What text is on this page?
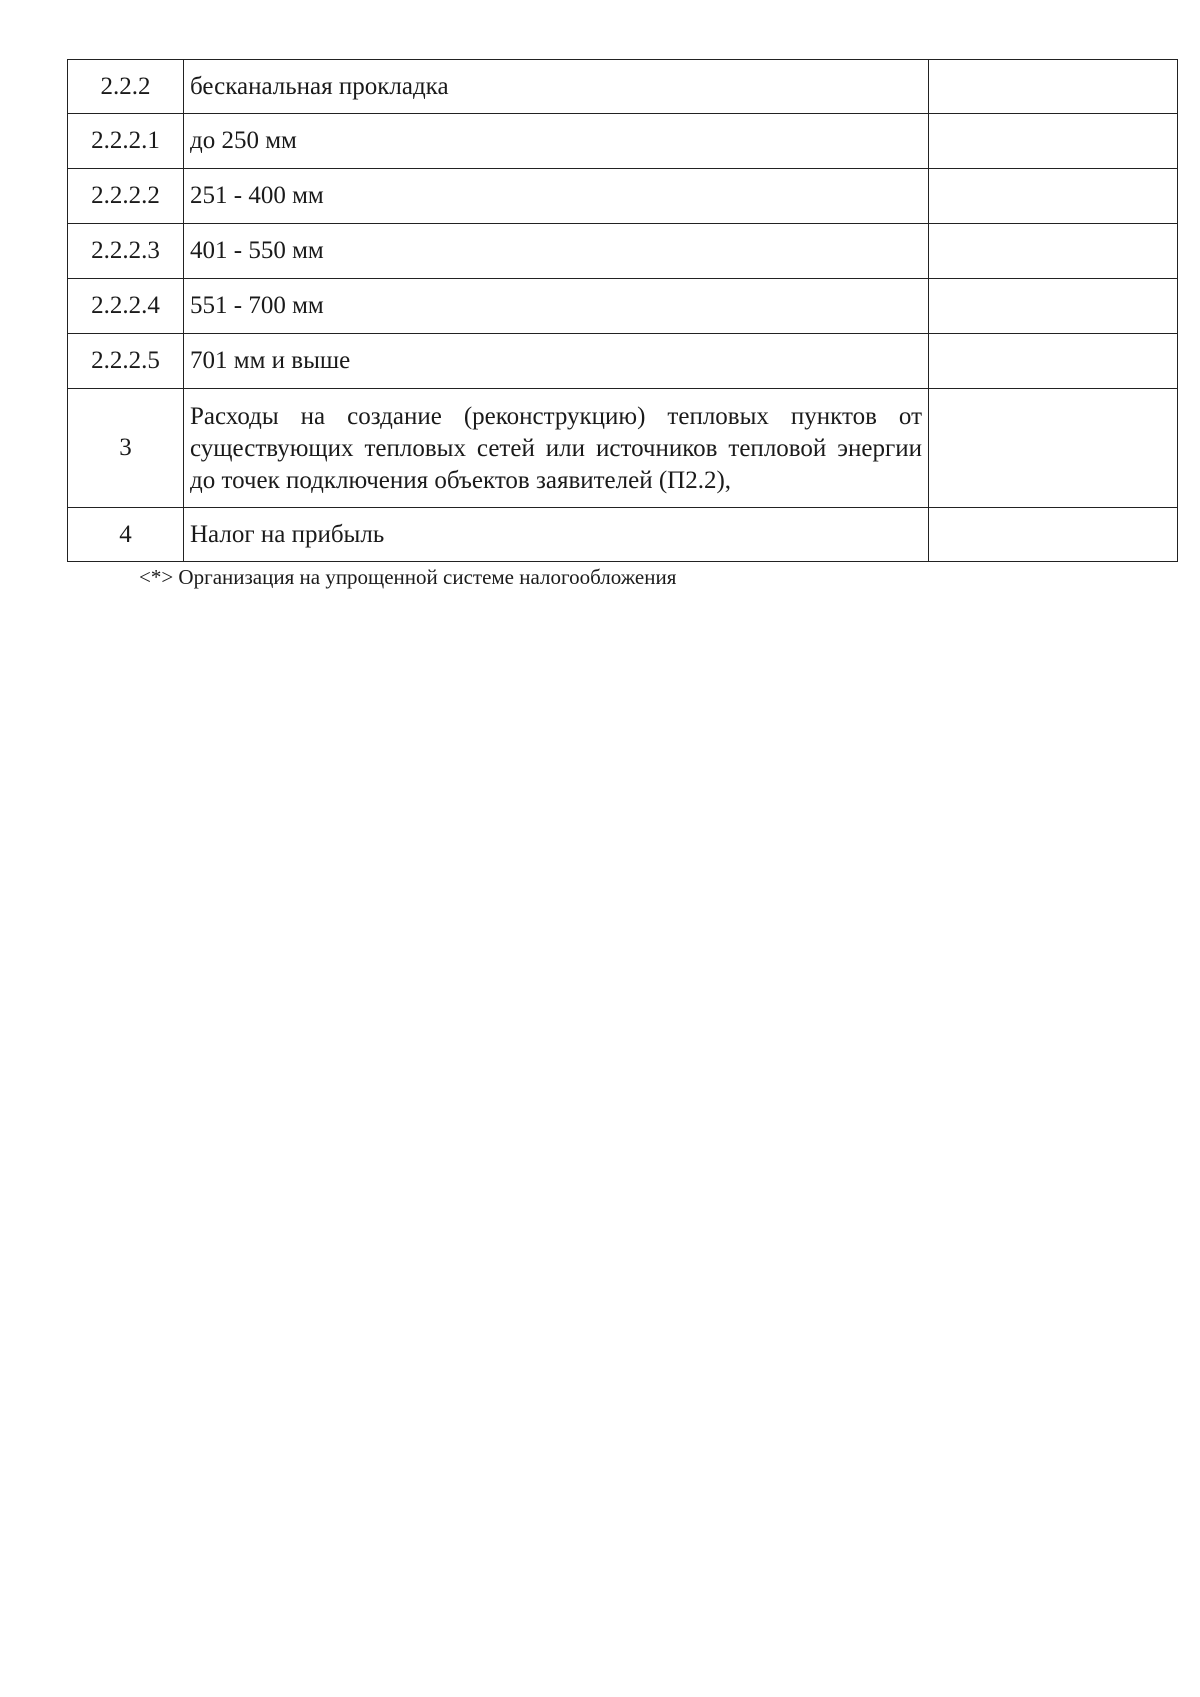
2.2.2	бесканальная прокладка	
2.2.2.1	до 250 мм	
2.2.2.2	251 - 400 мм	
2.2.2.3	401 - 550 мм	
2.2.2.4	551 - 700 мм	
2.2.2.5	701 мм и выше	
3	Расходы на создание (реконструкцию) тепловых пунктов от существующих тепловых сетей или источников тепловой энергии до точек подключения объектов заявителей (П2.2),	
4	Налог на прибыль	
<*> Организация на упрощенной системе налогообложения
